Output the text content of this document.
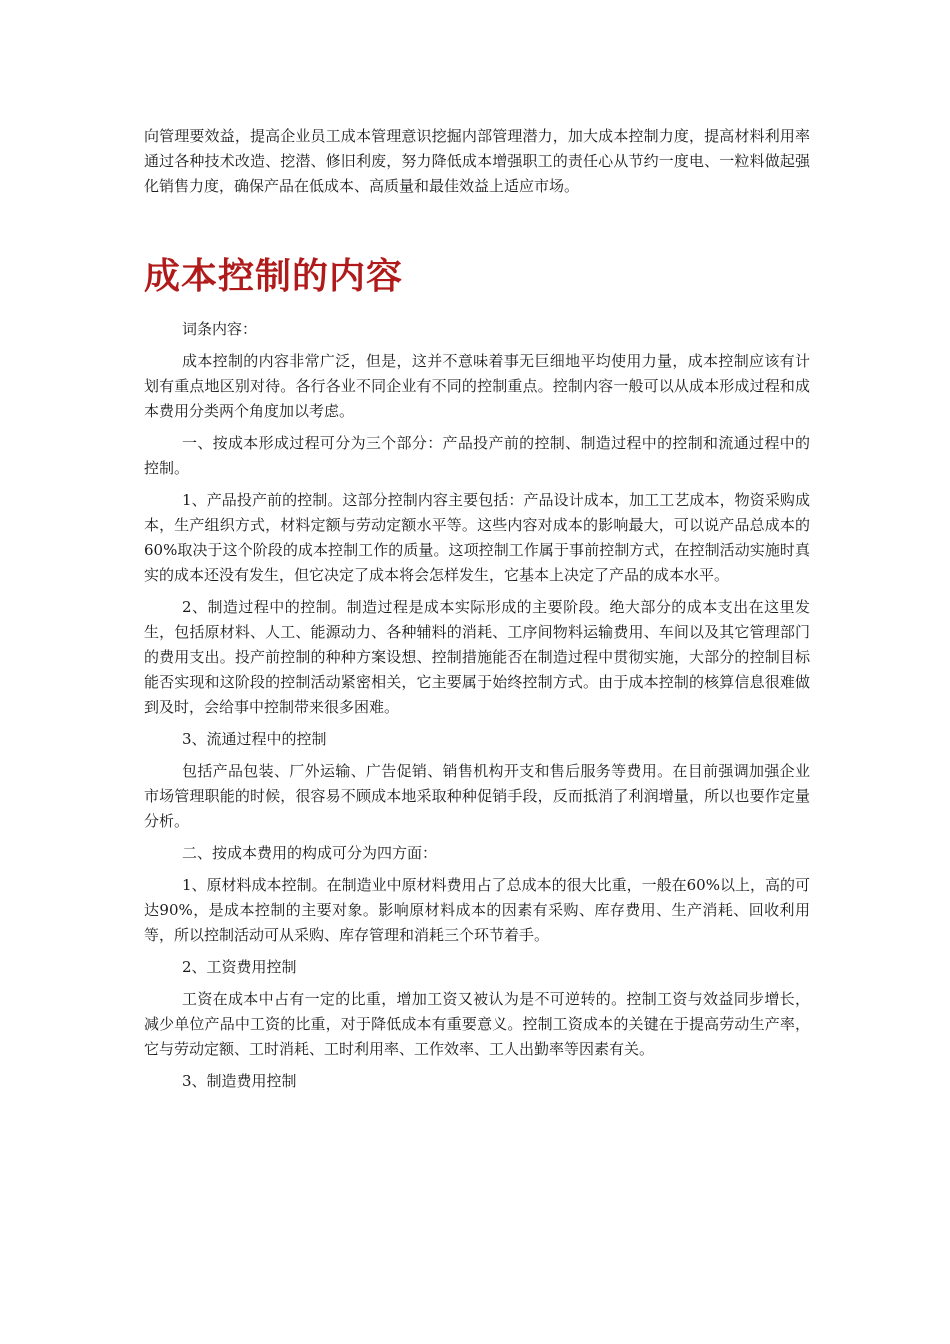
向管理要效益，提高企业员工成本管理意识挖掘内部管理潜力，加大成本控制力度，提高材料利用率通过各种技术改造、挖潜、修旧利废，努力降低成本增强职工的责任心从节约一度电、一粒料做起强化销售力度，确保产品在低成本、高质量和最佳效益上适应市场。

成本控制的内容

词条内容：

成本控制的内容非常广泛，但是，这并不意味着事无巨细地平均使用力量，成本控制应该有计划有重点地区别对待。各行各业不同企业有不同的控制重点。控制内容一般可以从成本形成过程和成本费用分类两个角度加以考虑。

一、按成本形成过程可分为三个部分：产品投产前的控制、制造过程中的控制和流通过程中的控制。

1、产品投产前的控制。这部分控制内容主要包括：产品设计成本，加工工艺成本，物资采购成本，生产组织方式，材料定额与劳动定额水平等。这些内容对成本的影响最大，可以说产品总成本的60%取决于这个阶段的成本控制工作的质量。这项控制工作属于事前控制方式，在控制活动实施时真实的成本还没有发生，但它决定了成本将会怎样发生，它基本上决定了产品的成本水平。

2、制造过程中的控制。制造过程是成本实际形成的主要阶段。绝大部分的成本支出在这里发生，包括原材料、人工、能源动力、各种辅料的消耗、工序间物料运输费用、车间以及其它管理部门的费用支出。投产前控制的种种方案设想、控制措施能否在制造过程中贯彻实施，大部分的控制目标能否实现和这阶段的控制活动紧密相关，它主要属于始终控制方式。由于成本控制的核算信息很难做到及时，会给事中控制带来很多困难。

3、流通过程中的控制

包括产品包装、厂外运输、广告促销、销售机构开支和售后服务等费用。在目前强调加强企业市场管理职能的时候，很容易不顾成本地采取种种促销手段，反而抵消了利润增量，所以也要作定量分析。

二、按成本费用的构成可分为四方面：

1、原材料成本控制。在制造业中原材料费用占了总成本的很大比重，一般在60%以上，高的可达90%，是成本控制的主要对象。影响原材料成本的因素有采购、库存费用、生产消耗、回收利用等，所以控制活动可从采购、库存管理和消耗三个环节着手。

2、工资费用控制

工资在成本中占有一定的比重，增加工资又被认为是不可逆转的。控制工资与效益同步增长，减少单位产品中工资的比重，对于降低成本有重要意义。控制工资成本的关键在于提高劳动生产率，它与劳动定额、工时消耗、工时利用率、工作效率、工人出勤率等因素有关。

3、制造费用控制
